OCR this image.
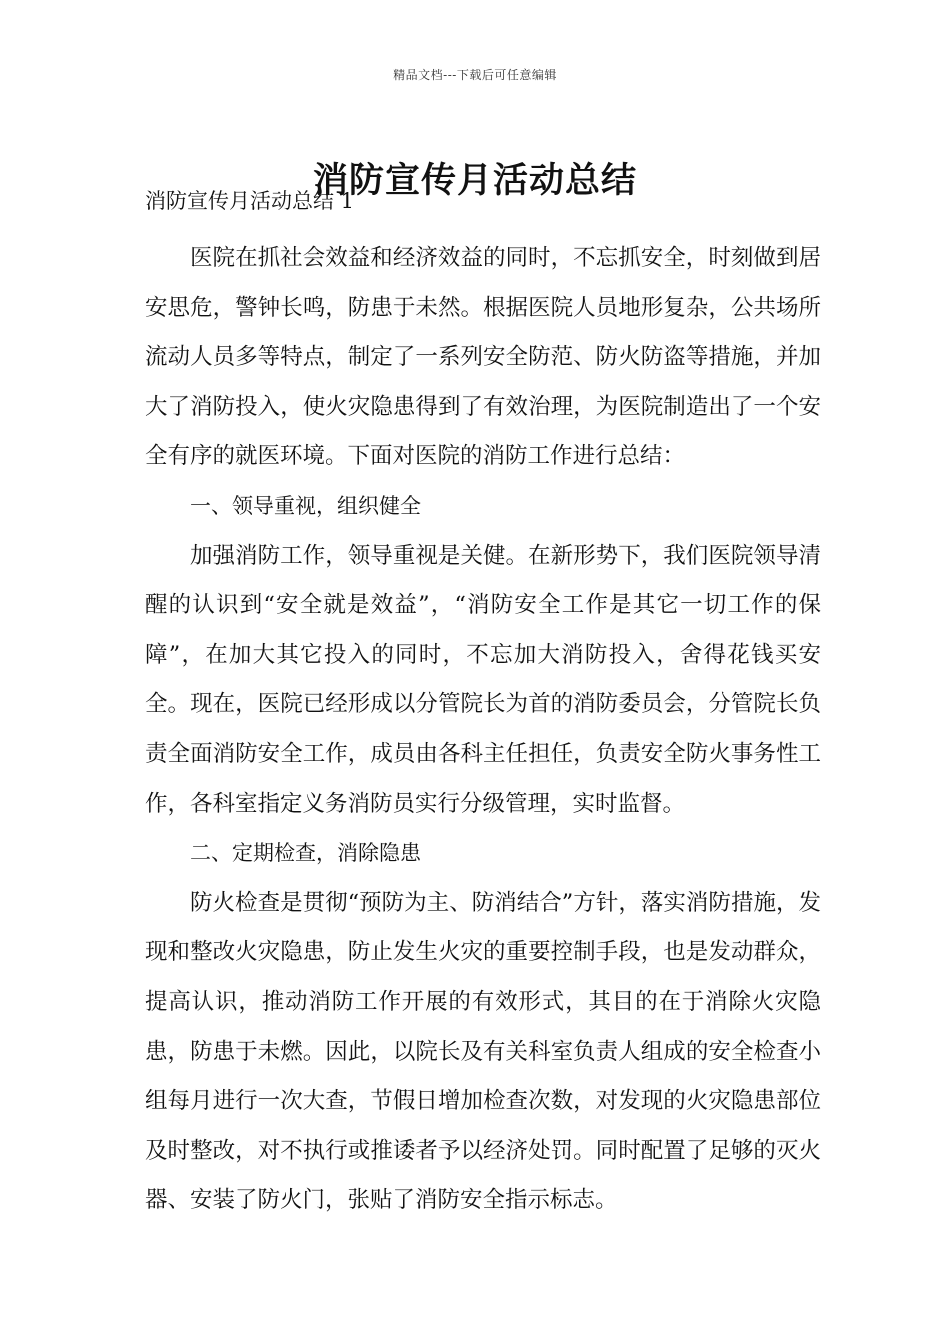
精品文档---下载后可任意编辑
消防宣传月活动总结

消防宣传月活动总结 1

医院在抓社会效益和经济效益的同时，不忘抓安全，时刻做到居安思危，警钟长鸣，防患于未然。根据医院人员地形复杂，公共场所流动人员多等特点，制定了一系列安全防范、防火防盗等措施，并加大了消防投入，使火灾隐患得到了有效治理，为医院制造出了一个安全有序的就医环境。下面对医院的消防工作进行总结：

一、领导重视，组织健全

加强消防工作，领导重视是关健。在新形势下，我们医院领导清醒的认识到“安全就是效益”，“消防安全工作是其它一切工作的保障”，在加大其它投入的同时，不忘加大消防投入，舍得花钱买安全。现在，医院已经形成以分管院长为首的消防委员会，分管院长负责全面消防安全工作，成员由各科主任担任，负责安全防火事务性工作，各科室指定义务消防员实行分级管理，实时监督。

二、定期检查，消除隐患

防火检查是贯彻“预防为主、防消结合”方针，落实消防措施，发现和整改火灾隐患，防止发生火灾的重要控制手段，也是发动群众，提高认识，推动消防工作开展的有效形式，其目的在于消除火灾隐患，防患于未燃。因此，以院长及有关科室负责人组成的安全检查小组每月进行一次大查，节假日增加检查次数，对发现的火灾隐患部位及时整改，对不执行或推诿者予以经济处罚。同时配置了足够的灭火器、安装了防火门，张贴了消防安全指示标志。
